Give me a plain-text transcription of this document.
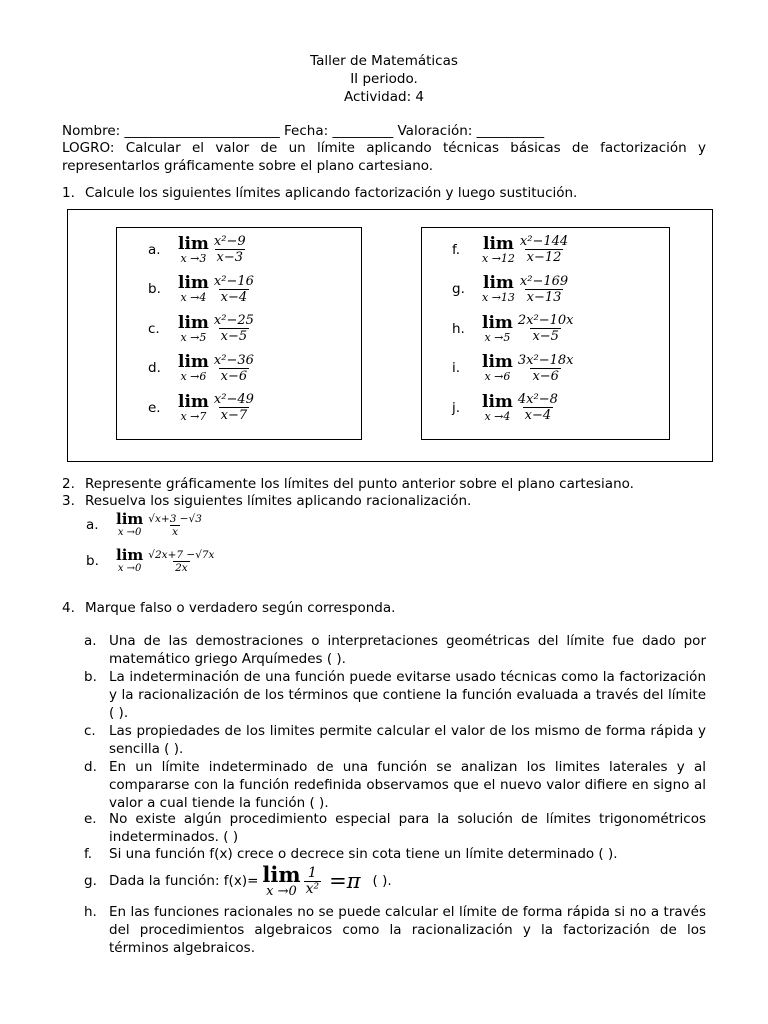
Taller de Matemáticas
II periodo.
Actividad: 4
Nombre: _______________________ Fecha: _________ Valoración: __________
LOGRO: Calcular el valor de un límite aplicando técnicas básicas de factorización y representarlos gráficamente sobre el plano cartesiano.
1. Calcule los siguientes límites aplicando factorización y luego sustitución.
a.	lim
$x \to 3 \frac{\text{x²−9}}{x-3}$
b.	lim
$x \to 4 \frac{\text{x²−16}}{x-4}$
c.	lim
$x \to 5 \frac{\text{x²−25}}{x-5}$
d.	lim
$x \to 6 \frac{\text{x²−36}}{x-6}$
e.	lim
$x \to 7 \frac{\text{x²−49}}{x-7}$
f.	lim
$x \to 12 \frac{\text{x²−144}}{x-12}$
g.	lim
$x \to 13 \frac{\text{x²−169}}{x-13}$
h.	lim
$x \to 5 \frac{\text{2x²−10x}}{x-5}$
i.	lim
$x \to 6 \frac{\text{3x²−18x}}{x-6}$
j.	lim
$x \to 4 \frac{\text{4x²−8}}{x-4}$
2. Represente gráficamente los límites del punto anterior sobre el plano cartesiano.
3. Resuelva los siguientes límites aplicando racionalización.
a.	lim
$x \to 0 \frac{√x+3 -√3}{x}$
b.	lim
$x \to 0 \frac{√2x+7 -√7x}{2x}$
4. Marque falso o verdadero según corresponda.
a. Una de las demostraciones o interpretaciones geométricas del límite fue dado por matemático griego Arquímedes ( ).
b. La indeterminación de una función puede evitarse usado técnicas como la factorización y la racionalización de los términos que contiene la función evaluada a través del límite ( ).
c. Las propiedades de los limites permite calcular el valor de los mismo de forma rápida y sencilla ( ).
d. En un límite indeterminado de una función se analizan los limites laterales y al compararse con la función redefinida observamos que el nuevo valor difiere en signo al valor a cual tiende la función ( ).
e. No existe algún procedimiento especial para la solución de límites trigonométricos indeterminados. ( )
f. Si una función f(x) crece o decrece sin cota tiene un límite determinado ( ).
g. Dada la función: f(x)= lim
$x \to 0 \frac{1}{\text{x²}} =\pi$ ( ).
h. En las funciones racionales no se puede calcular el límite de forma rápida si no a través del procedimientos algebraicos como la racionalización y la factorización de los términos algebraicos.
